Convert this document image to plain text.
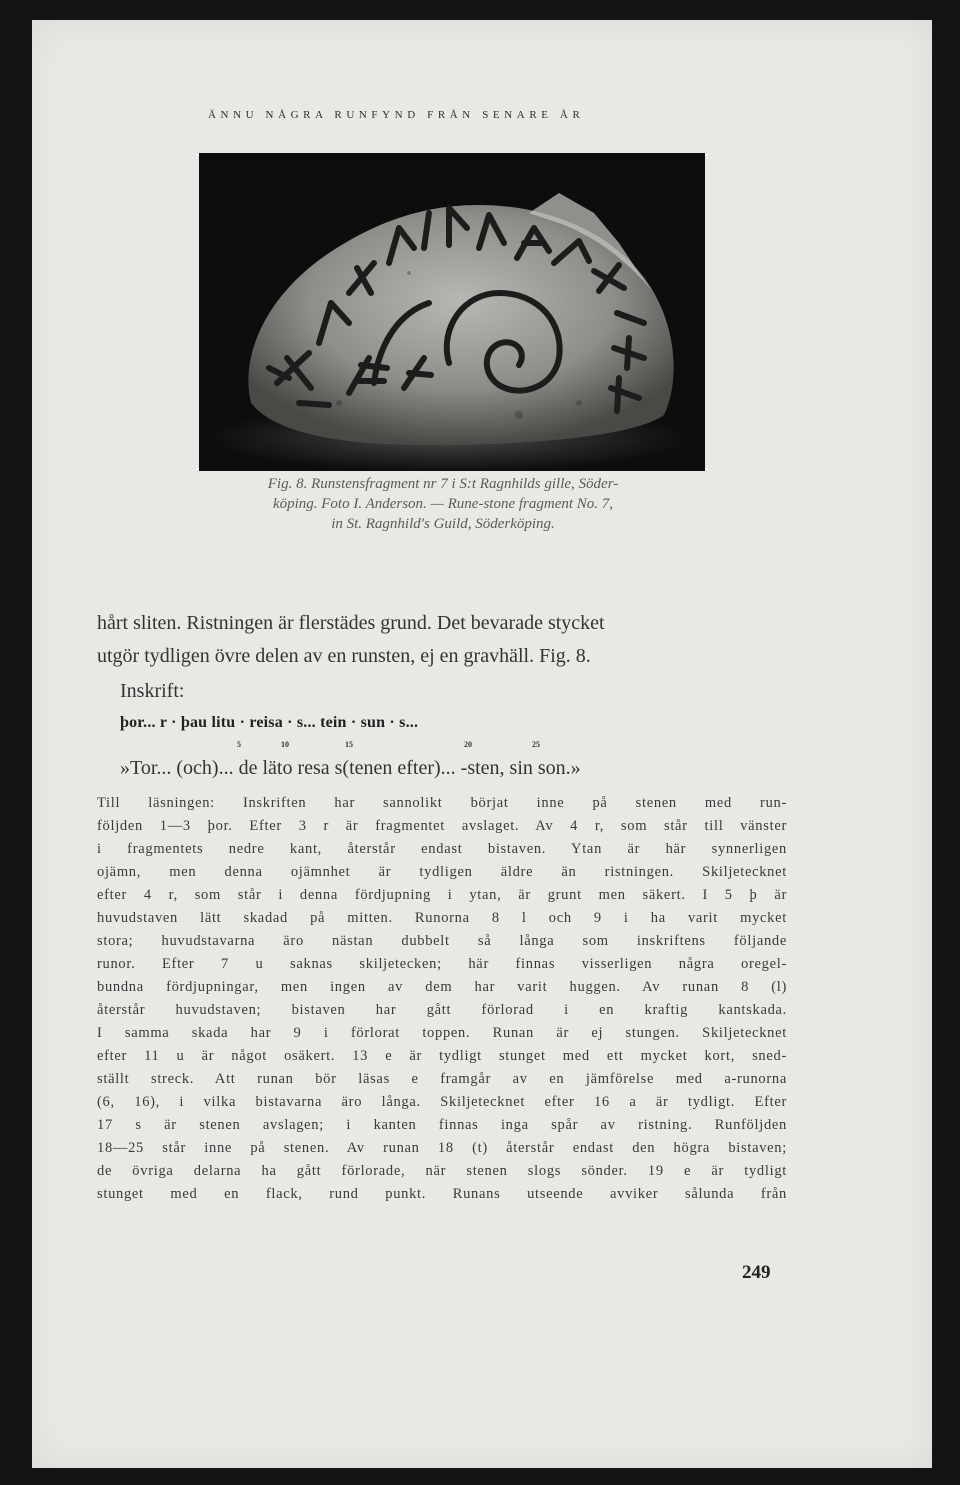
ÄNNU NÅGRA RUNFYND FRÅN SENARE ÅR
Fig. 8. Runstensfragment nr 7 i S:t Ragnhilds gille, Söder-
köping. Foto I. Anderson. — Rune-stone fragment No. 7,
in St. Ragnhild's Guild, Söderköping.
hårt sliten. Ristningen är flerstädes grund. Det bevarade stycket
utgör tydligen övre delen av en runsten, ej en gravhäll. Fig. 8.
Inskrift:
þor... r · þau litu · reisa · s... tein · sun · s...
5	10	15	20	25
»Tor... (och)... de läto resa s(tenen efter)... -sten, sin son.»
Till läsningen: Inskriften har sannolikt börjat inne på stenen med run-
följden 1—3 þor. Efter 3 r är fragmentet avslaget. Av 4 r, som står till vänster
i fragmentets nedre kant, återstår endast bistaven. Ytan är här synnerligen
ojämn, men denna ojämnhet är tydligen äldre än ristningen. Skiljetecknet
efter 4 r, som står i denna fördjupning i ytan, är grunt men säkert. I 5 þ är
huvudstaven lätt skadad på mitten. Runorna 8 l och 9 i ha varit mycket
stora; huvudstavarna äro nästan dubbelt så långa som inskriftens följande
runor. Efter 7 u saknas skiljetecken; här finnas visserligen några oregel-
bundna fördjupningar, men ingen av dem har varit huggen. Av runan 8 (l)
återstår huvudstaven; bistaven har gått förlorad i en kraftig kantskada.
I samma skada har 9 i förlorat toppen. Runan är ej stungen. Skiljetecknet
efter 11 u är något osäkert. 13 e är tydligt stunget med ett mycket kort, sned-
ställt streck. Att runan bör läsas e framgår av en jämförelse med a-runorna
(6, 16), i vilka bistavarna äro långa. Skiljetecknet efter 16 a är tydligt. Efter
17 s är stenen avslagen; i kanten finnas inga spår av ristning. Runföljden
18—25 står inne på stenen. Av runan 18 (t) återstår endast den högra bistaven;
de övriga delarna ha gått förlorade, när stenen slogs sönder. 19 e är tydligt
stunget med en flack, rund punkt. Runans utseende avviker sålunda från
249
